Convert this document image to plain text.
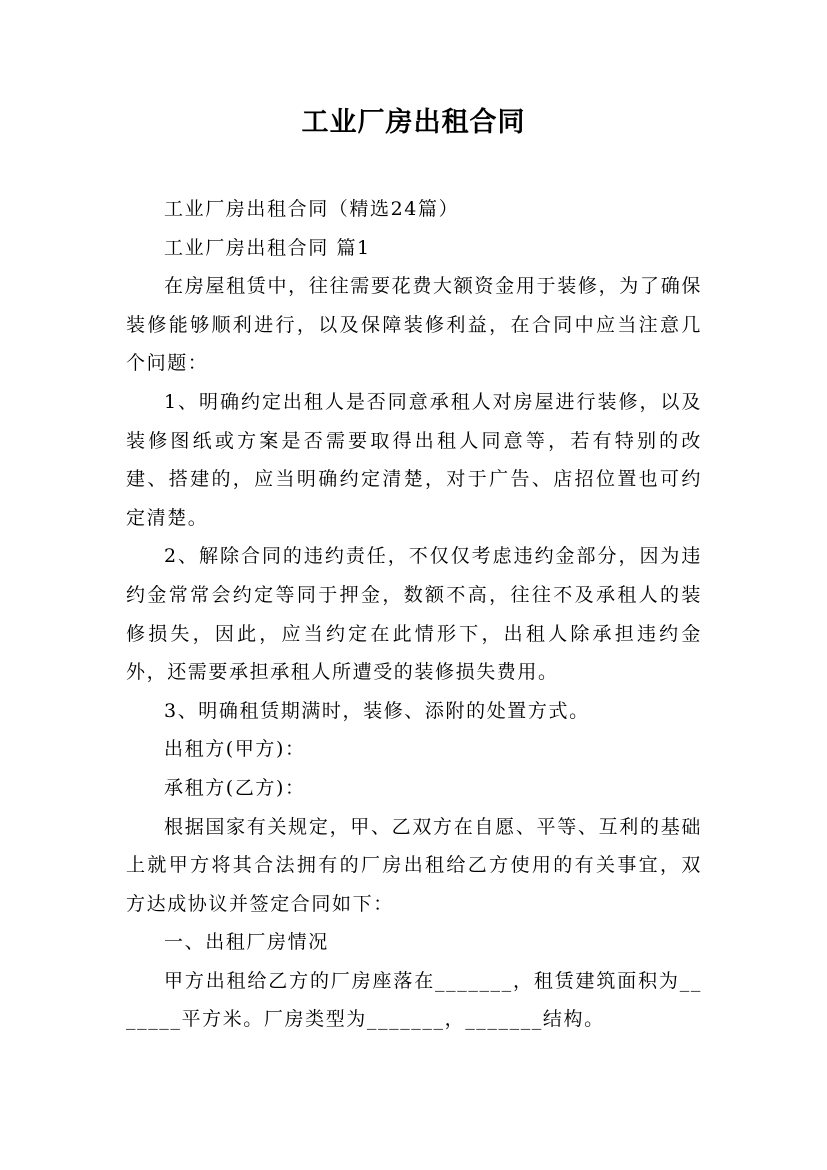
工业厂房出租合同

工业厂房出租合同（精选24篇）

工业厂房出租合同 篇1

在房屋租赁中，往往需要花费大额资金用于装修，为了确保装修能够顺利进行，以及保障装修利益，在合同中应当注意几个问题：

1、明确约定出租人是否同意承租人对房屋进行装修，以及装修图纸或方案是否需要取得出租人同意等，若有特别的改建、搭建的，应当明确约定清楚，对于广告、店招位置也可约定清楚。

2、解除合同的违约责任，不仅仅考虑违约金部分，因为违约金常常会约定等同于押金，数额不高，往往不及承租人的装修损失，因此，应当约定在此情形下，出租人除承担违约金外，还需要承担承租人所遭受的装修损失费用。

3、明确租赁期满时，装修、添附的处置方式。

出租方(甲方)：

承租方(乙方)：

根据国家有关规定，甲、乙双方在自愿、平等、互利的基础上就甲方将其合法拥有的厂房出租给乙方使用的有关事宜，双方达成协议并签定合同如下：

一、出租厂房情况

甲方出租给乙方的厂房座落在_______，租赁建筑面积为_______平方米。厂房类型为_______，_______结构。
